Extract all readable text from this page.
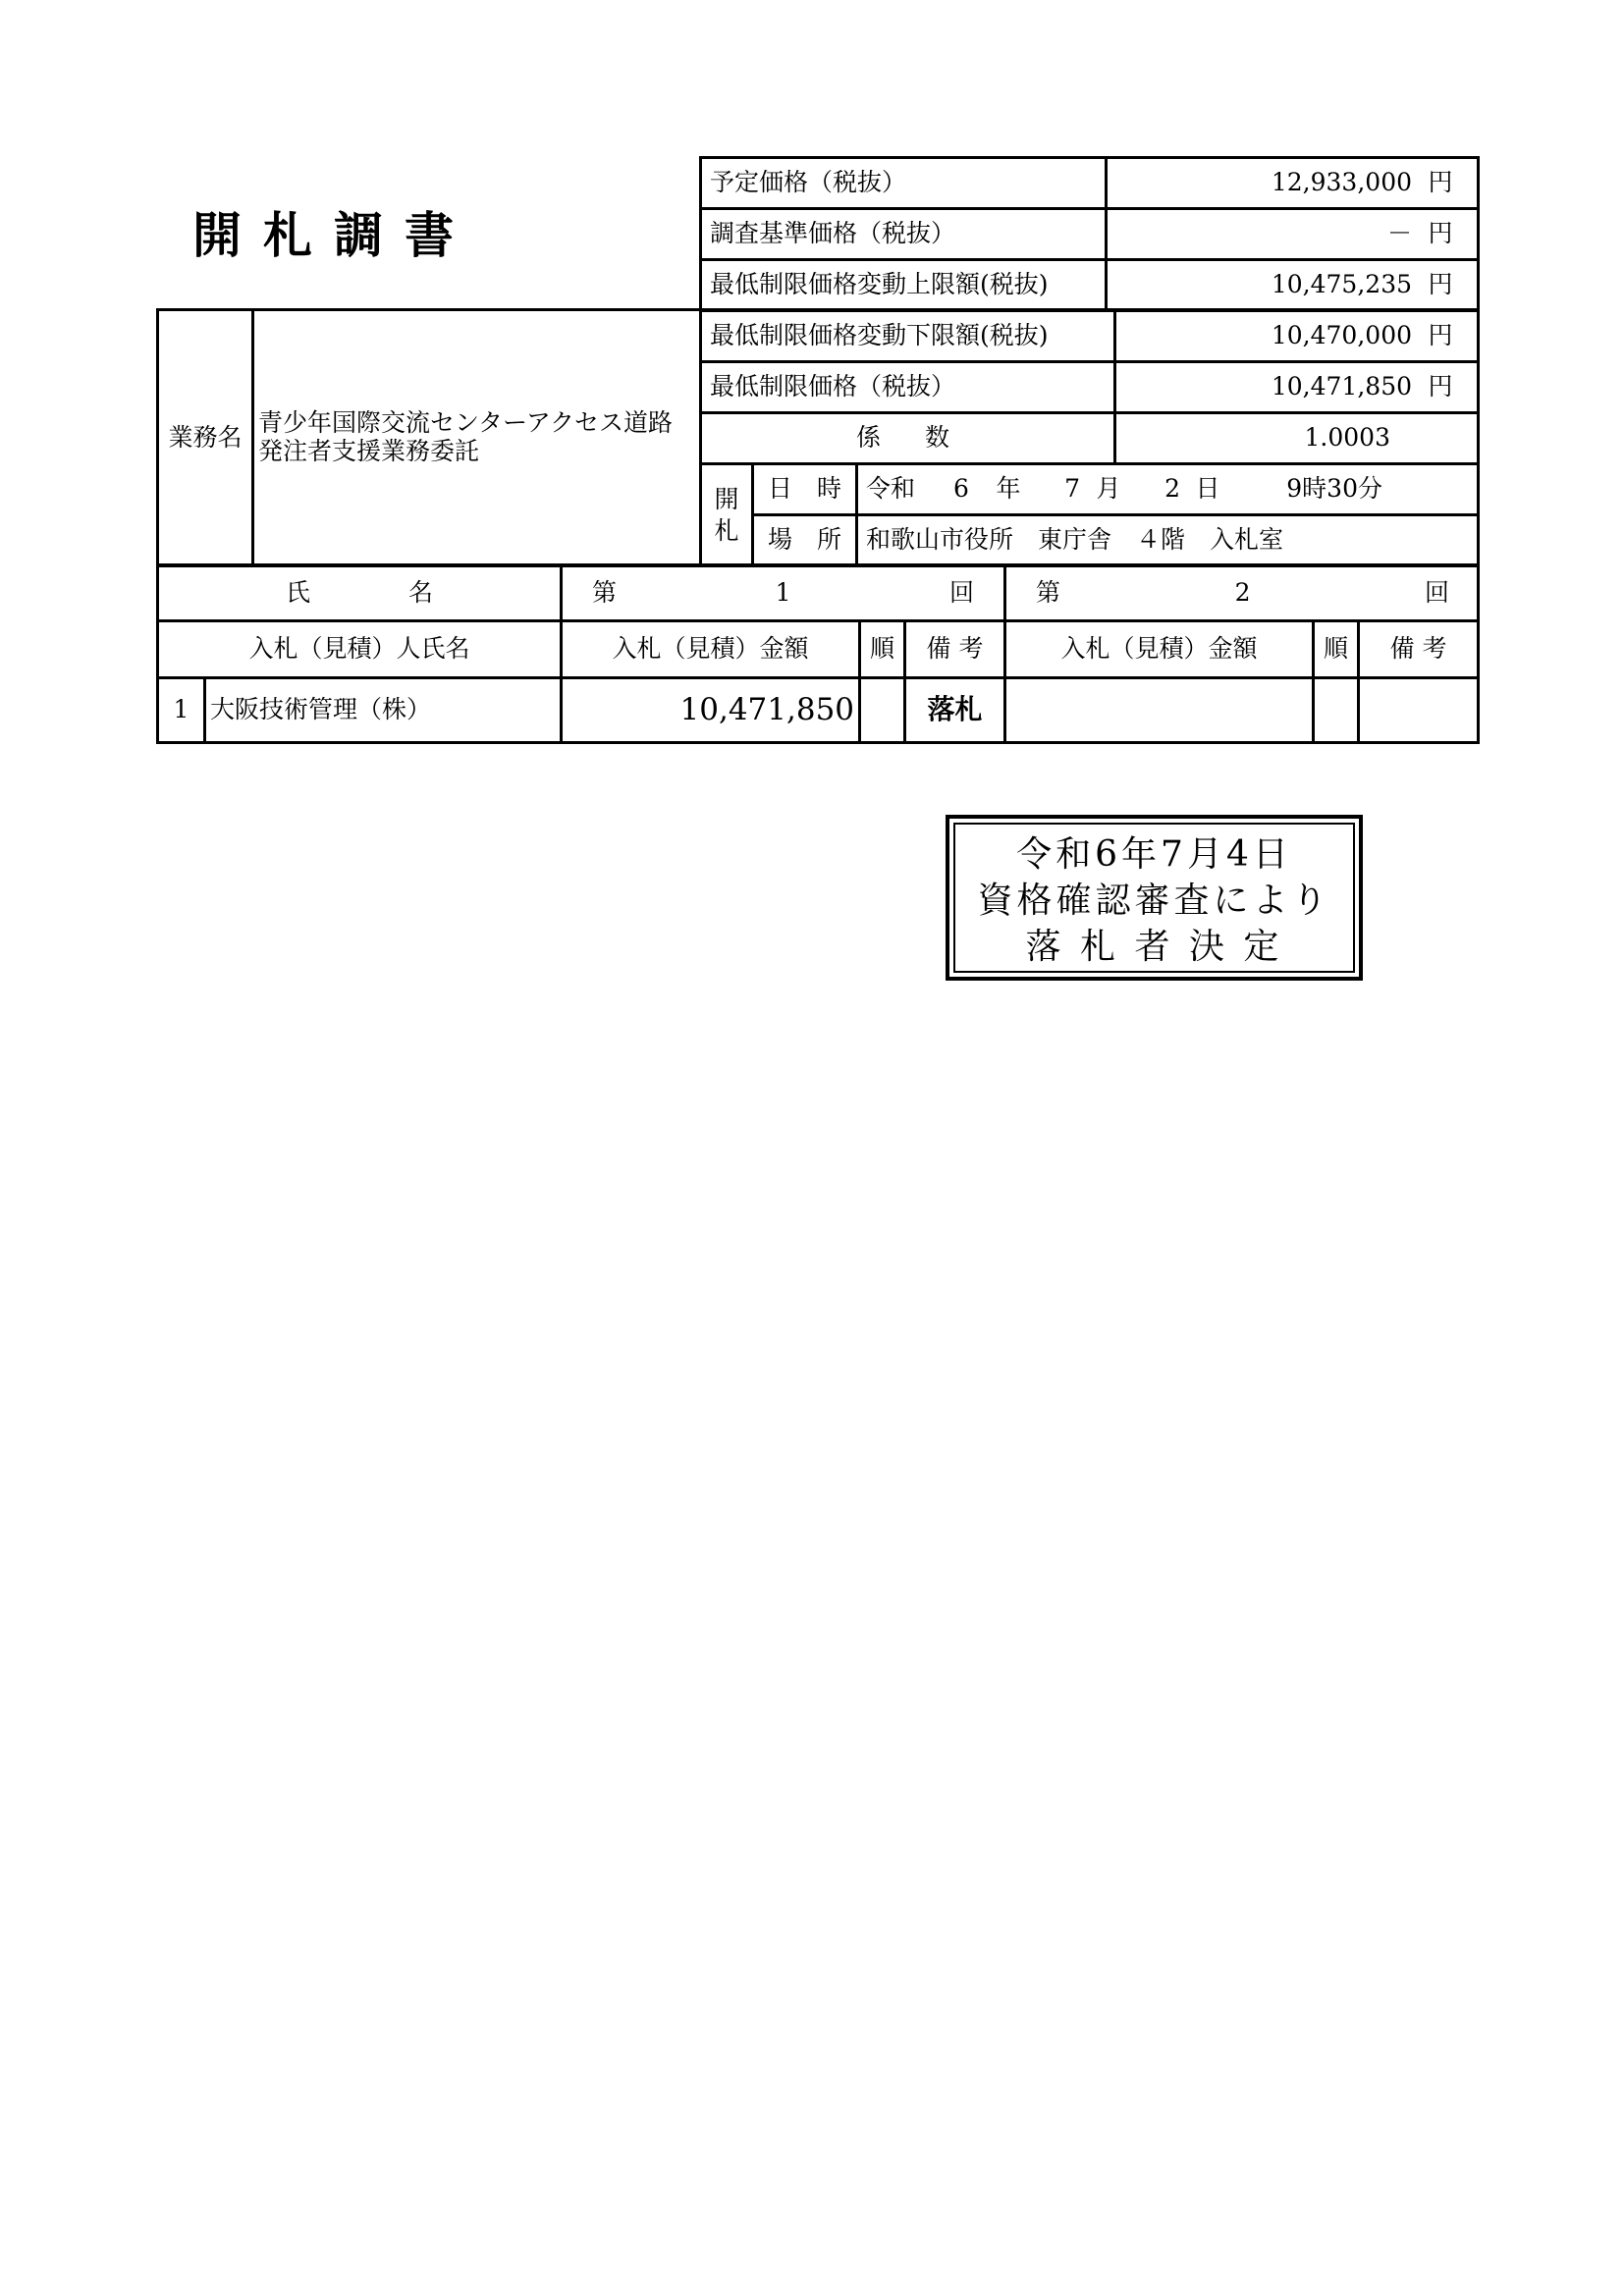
開札調書
予定価格（税抜）	12,933,000 円
調査基準価格（税抜）	－ 円
最低制限価格変動上限額(税抜)	10,475,235 円
業務名	青少年国際交流センターアクセス道路発注者支援業務委託	最低制限価格変動下限額(税抜)			10,470,000 円
		最低制限価格（税抜）			10,471,850 円
		係　数			1.0003
		開札	日　時	令和 6 年 7 月 2 日 9時30分	
			場　所	和歌山市役所　東庁舎　４階　入札室	
氏　　　　名		第 1 回			第 2 回		

入札（見積）人氏名		入札（見積）金額	順	備 考	入札（見積）金額	順	備 考
1	大阪技術管理（株）	10,471,850		落札			
令和6年7月4日
資格確認審査により
落 札 者 決 定
